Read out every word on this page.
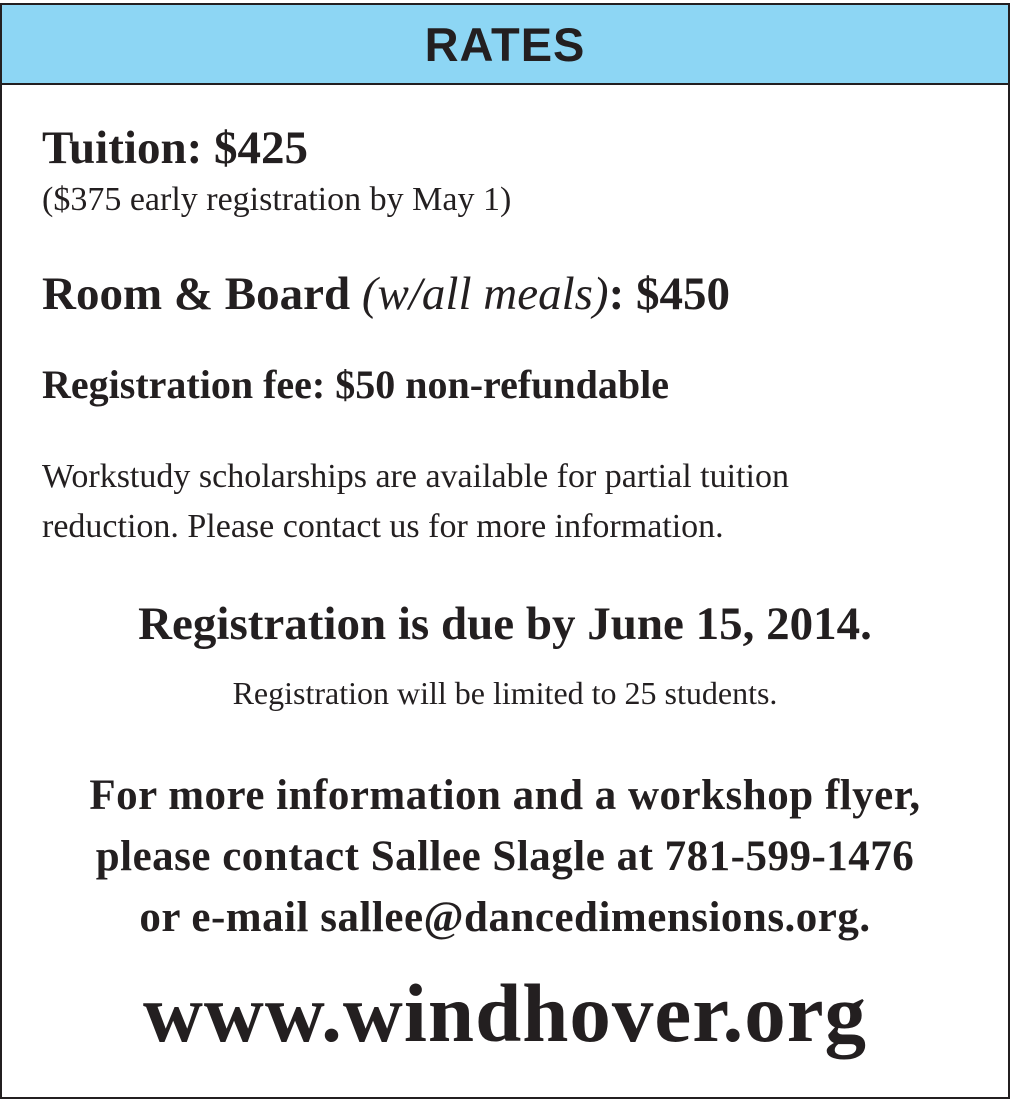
RATES
Tuition: $425
($375 early registration by May 1)
Room & Board (w/all meals): $450
Registration fee: $50 non-refundable
Workstudy scholarships are available for partial tuition
reduction. Please contact us for more information.
Registration is due by June 15, 2014.
Registration will be limited to 25 students.
For more information and a workshop flyer,
please contact Sallee Slagle at 781-599-1476
or e-mail sallee@dancedimensions.org.
www.windhover.org
